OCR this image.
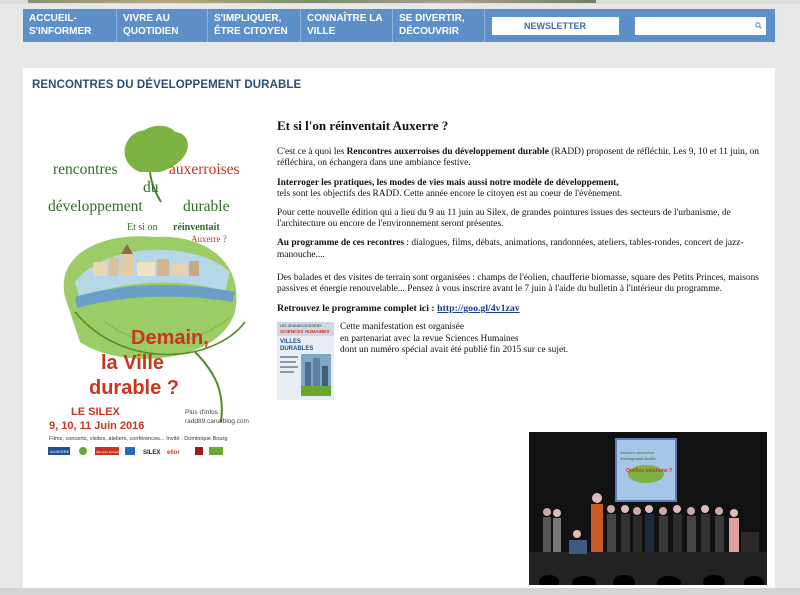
ACCUEIL-S'INFORMER
VIVRE AU QUOTIDIEN
S'IMPLIQUER, ÊTRE CITOYEN
CONNAÎTRE LA VILLE
SE DIVERTIR, DÉCOUVRIR
NEWSLETTER
RENCONTRES DU DÉVELOPPEMENT DURABLE
rencontres	auxerroises
du
développement	durable
Et si on réinventait
Auxerre ?
Demain,
la Ville
durable ?
LE SILEX
9, 10, 11 Juin 2016
Plus d'infos :
radd89.canalblog.com
Films, concerts, visites, ateliers, conférences... Invité : Dominique Bourg
AUXERRE	Sciences Humaines	SILEX elior
Et si l'on réinventait Auxerre ?

C'est ce à quoi les Rencontres auxerroises du développement durable (RADD) proposent de réfléchir. Les 9, 10 et 11 juin, on réfléchira, on échangera dans une ambiance festive.

Interroger les pratiques, les modes de vies mais aussi notre modèle de développement,
tels sont les objectifs des RADD. Cette année encore le citoyen est au coeur de l'évènement.

Pour cette nouvelle édition qui a lieu du 9 au 11 juin au Silex, de grandes pointures issues des secteurs de l'urbanisme, de l'architecture ou encore de l'environnement seront présentes.

Au programme de ces recontres : dialogues, films, débats, animations, randonnées, ateliers, tables-rondes, concert de jazz-manouche....

Des balades et des visites de terrain sont organisées : champs de l'éolien, chaufferie biomasse, square des Petits Princes, maisons passives et énergie renouvelable... Pensez à vous inscrire avant le 7 juin à l'aide du bulletin à l'intérieur du programme.

Retrouvez le programme complet ici : http://goo.gl/4v1zav

LES GRANDS DOSSIERS
SCIENCES HUMAINES
VILLES
DURABLES
Cette manifestation est organisée
en partenariat avec la revue Sciences Humaines
dont un numéro spécial avait été publié fin 2015 sur ce sujet.
rencontres auxerroises
développement durable
Quelles solutions ?
